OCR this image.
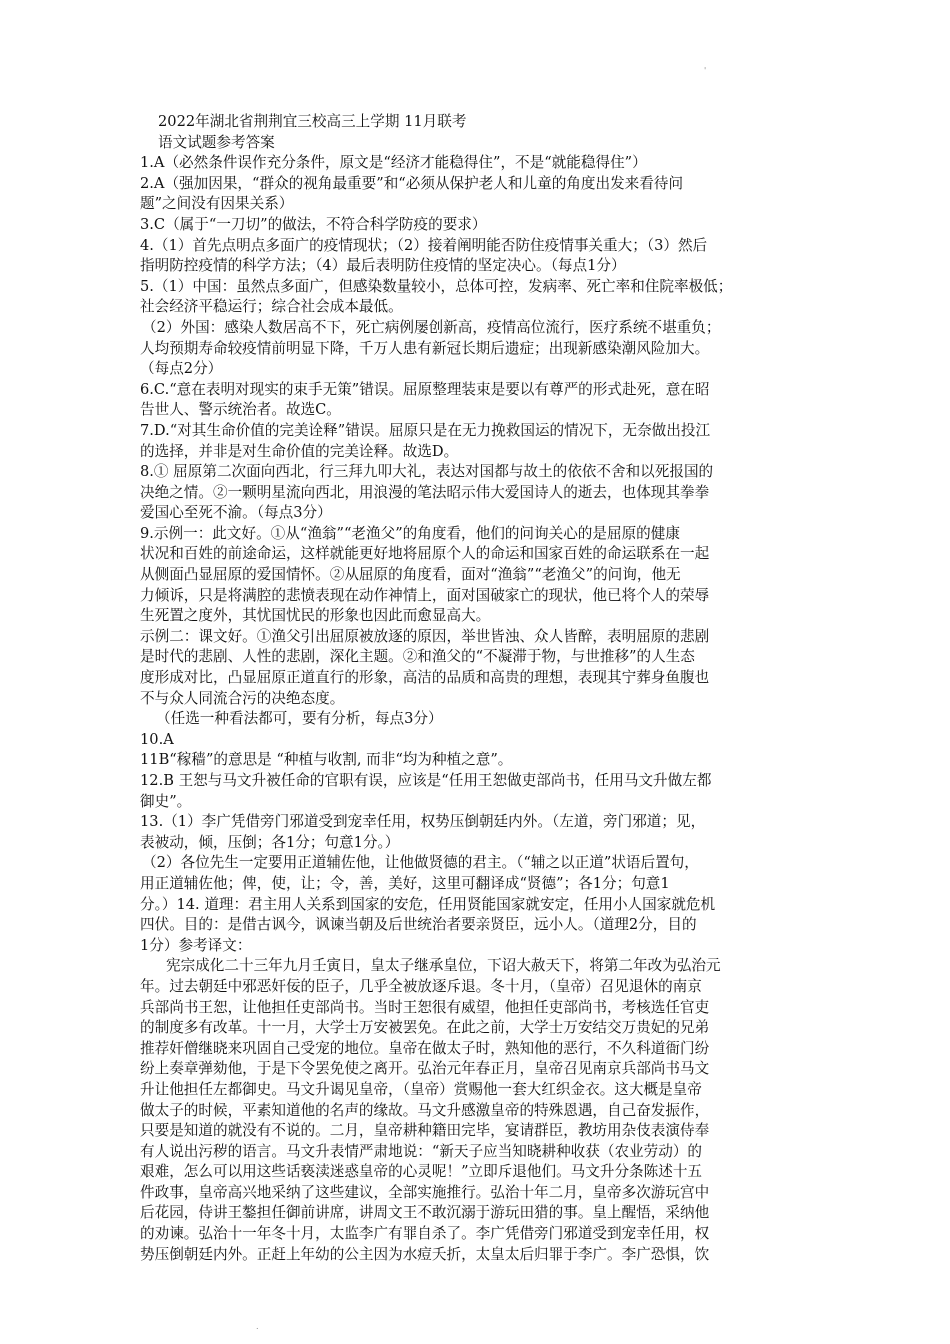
'

2022年湖北省荆荆宜三校高三上学期 11月联考

语文试题参考答案

1.A（必然条件误作充分条件，原文是“经济才能稳得住”，不是“就能稳得住”）

2.A（强加因果，“群众的视角最重要”和“必须从保护老人和儿童的角度出发来看待问

题”之间没有因果关系）

3.C（属于“一刀切”的做法，不符合科学防疫的要求）

4.（1）首先点明点多面广的疫情现状；（2）接着阐明能否防住疫情事关重大；（3）然后

指明防控疫情的科学方法；（4）最后表明防住疫情的坚定决心。（每点1分）

5.（1）中国：虽然点多面广，但感染数量较小，总体可控，发病率、死亡率和住院率极低；

社会经济平稳运行；综合社会成本最低。

（2）外国：感染人数居高不下，死亡病例屡创新高，疫情高位流行，医疗系统不堪重负；

人均预期寿命较疫情前明显下降，千万人患有新冠长期后遗症；出现新感染潮风险加大。

（每点2分）

6.C.“意在表明对现实的束手无策”错误。屈原整理装束是要以有尊严的形式赴死，意在昭

告世人、警示统治者。故选C。

7.D.“对其生命价值的完美诠释”错误。屈原只是在无力挽救国运的情况下，无奈做出投江

的选择，并非是对生命价值的完美诠释。故选D。

8.① 屈原第二次面向西北，行三拜九叩大礼，表达对国都与故土的依依不舍和以死报国的

决绝之情。②一颗明星流向西北，用浪漫的笔法昭示伟大爱国诗人的逝去，也体现其拳拳

爱国心至死不渝。（每点3分）

9.示例一：此文好。①从“渔翁”“老渔父”的角度看，他们的问询关心的是屈原的健康

状况和百姓的前途命运，这样就能更好地将屈原个人的命运和国家百姓的命运联系在一起

从侧面凸显屈原的爱国情怀。②从屈原的角度看，面对“渔翁”“老渔父”的问询，他无

力倾诉，只是将满腔的悲愤表现在动作神情上，面对国破家亡的现状，他已将个人的荣辱

生死置之度外，其忧国忧民的形象也因此而愈显高大。

示例二：课文好。①渔父引出屈原被放逐的原因，举世皆浊、众人皆醉，表明屈原的悲剧

是时代的悲剧、人性的悲剧，深化主题。②和渔父的“不凝滞于物，与世推移”的人生态

度形成对比，凸显屈原正道直行的形象，高洁的品质和高贵的理想，表现其宁葬身鱼腹也

不与众人同流合污的决绝态度。

（任选一种看法都可，要有分析，每点3分）

10.A

11B“稼穑”的意思是 “种植与收割, 而非“均为种植之意”。

12.B 王恕与马文升被任命的官职有误，应该是“任用王恕做吏部尚书，任用马文升做左都

御史”。

13.（1）李广凭借旁门邪道受到宠幸任用，权势压倒朝廷内外。（左道，旁门邪道；见，

表被动，倾，压倒；各1分；句意1分。）

（2）各位先生一定要用正道辅佐他，让他做贤德的君主。（“辅之以正道”状语后置句，

用正道辅佐他；俾，使，让；令，善，美好，这里可翻译成“贤德”；各1分；句意1

分。）14. 道理：君主用人关系到国家的安危，任用贤能国家就安定，任用小人国家就危机

四伏。目的：是借古讽今，讽谏当朝及后世统治者要亲贤臣，远小人。（道理2分，目的

1分）参考译文：

宪宗成化二十三年九月壬寅日，皇太子继承皇位，下诏大赦天下，将第二年改为弘治元

年。过去朝廷中邪恶奸佞的臣子，几乎全被放逐斥退。冬十月，（皇帝）召见退休的南京

兵部尚书王恕，让他担任吏部尚书。当时王恕很有威望，他担任吏部尚书，考核选任官吏

的制度多有改革。十一月，大学士万安被罢免。在此之前，大学士万安结交万贵妃的兄弟

推荐奸僧继晓来巩固自己受宠的地位。皇帝在做太子时，熟知他的恶行，不久科道衙门纷

纷上奏章弹劾他，于是下令罢免使之离开。弘治元年春正月，皇帝召见南京兵部尚书马文

升让他担任左都御史。马文升谒见皇帝，（皇帝）赏赐他一套大红织金衣。这大概是皇帝

做太子的时候，平素知道他的名声的缘故。马文升感激皇帝的特殊恩遇，自己奋发振作，

只要是知道的就没有不说的。二月，皇帝耕种籍田完毕，宴请群臣，教坊用杂伎表演侍奉

有人说出污秽的语言。马文升表情严肃地说：“新天子应当知晓耕种收获（农业劳动）的

艰难，怎么可以用这些话亵渎迷惑皇帝的心灵呢！”立即斥退他们。马文升分条陈述十五

件政事，皇帝高兴地采纳了这些建议，全部实施推行。弘治十年二月，皇帝多次游玩宫中

后花园，侍讲王鏊担任御前讲席，讲周文王不敢沉溺于游玩田猎的事。皇上醒悟，采纳他

的劝谏。弘治十一年冬十月，太监李广有罪自杀了。李广凭借旁门邪道受到宠幸任用，权

势压倒朝廷内外。正赶上年幼的公主因为水痘夭折，太皇太后归罪于李广。李广恐惧，饮

.
